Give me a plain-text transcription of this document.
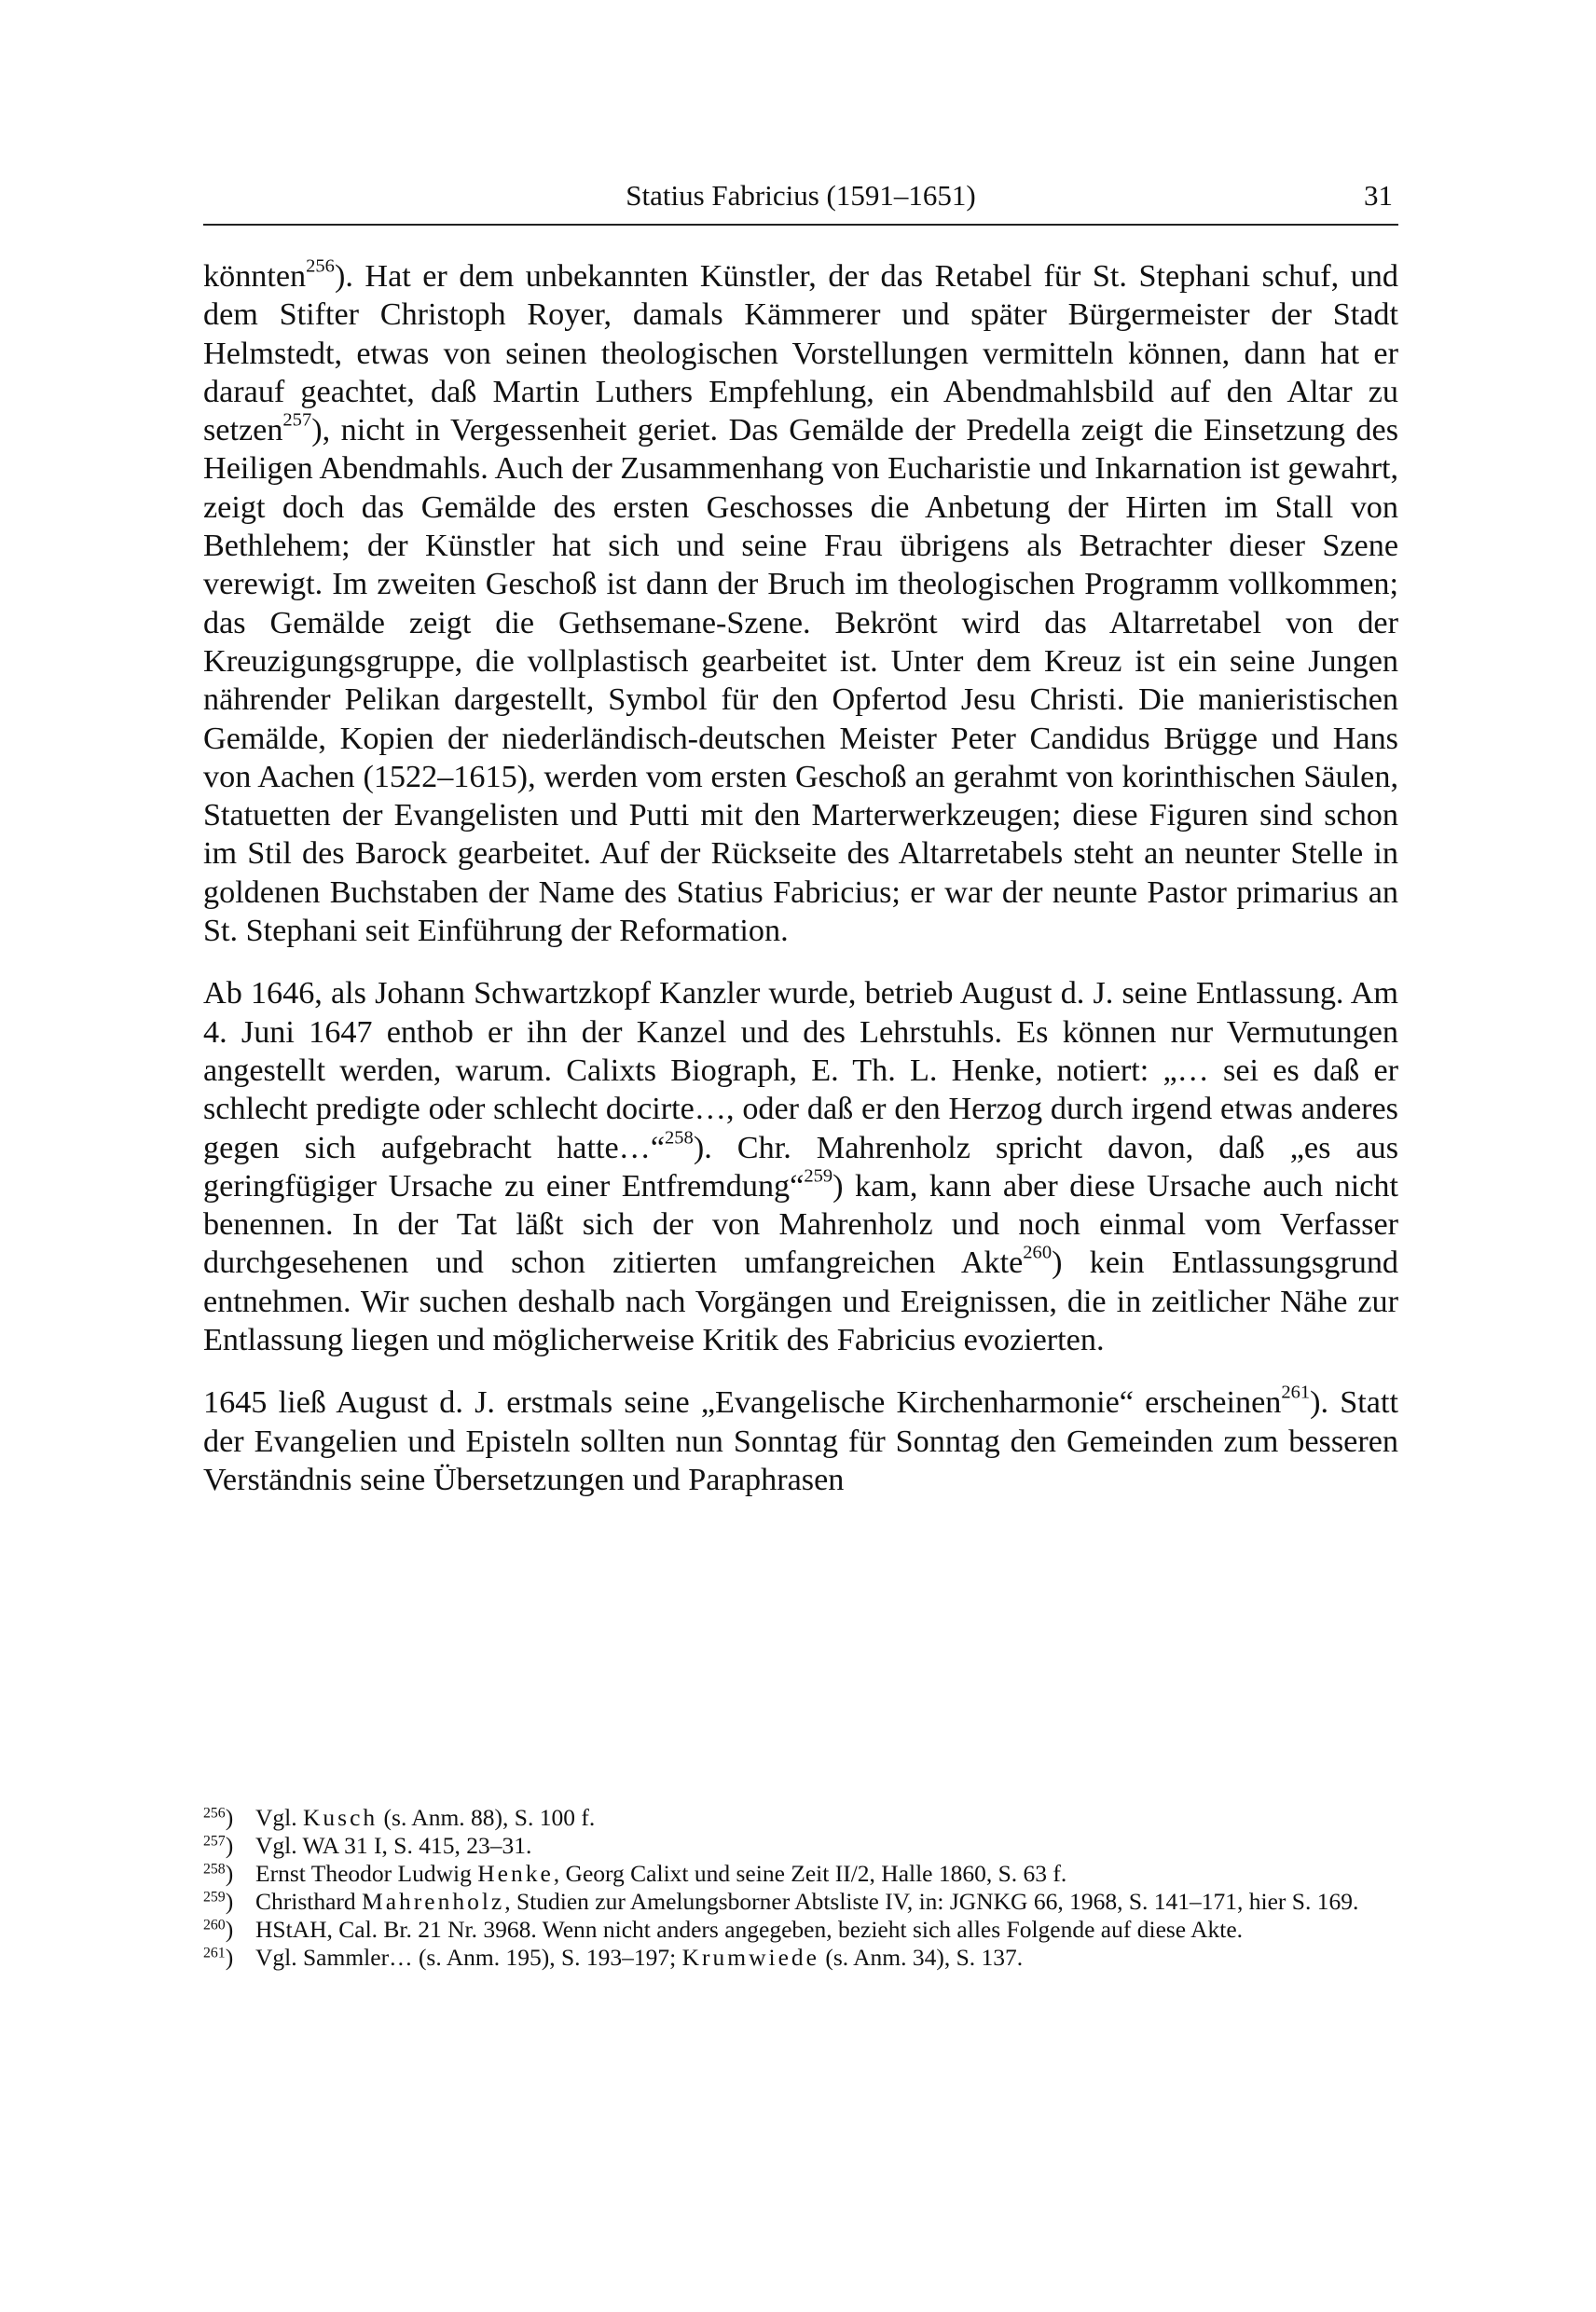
Statius Fabricius (1591–1651)	31

könnten$^{256}$). Hat er dem unbekannten Künstler, der das Retabel für St. Stephani schuf, und dem Stifter Christoph Royer, damals Kämmerer und später Bürgermeister der Stadt Helmstedt, etwas von seinen theologischen Vorstellungen vermitteln können, dann hat er darauf geachtet, daß Martin Luthers Empfehlung, ein Abendmahlsbild auf den Altar zu setzen$^{257}$), nicht in Vergessenheit geriet. Das Gemälde der Predella zeigt die Einsetzung des Heiligen Abendmahls. Auch der Zusammenhang von Eucharistie und Inkarnation ist gewahrt, zeigt doch das Gemälde des ersten Geschosses die Anbetung der Hirten im Stall von Bethlehem; der Künstler hat sich und seine Frau übrigens als Betrachter dieser Szene verewigt. Im zweiten Geschoß ist dann der Bruch im theologischen Programm vollkommen; das Gemälde zeigt die Gethsemane-Szene. Bekrönt wird das Altarretabel von der Kreuzigungsgruppe, die vollplastisch gearbeitet ist. Unter dem Kreuz ist ein seine Jungen nährender Pelikan dargestellt, Symbol für den Opfertod Jesu Christi. Die manieristischen Gemälde, Kopien der niederländisch-deutschen Meister Peter Candidus Brügge und Hans von Aachen (1522–1615), werden vom ersten Geschoß an gerahmt von korinthischen Säulen, Statuetten der Evangelisten und Putti mit den Marterwerkzeugen; diese Figuren sind schon im Stil des Barock gearbeitet. Auf der Rückseite des Altarretabels steht an neunter Stelle in goldenen Buchstaben der Name des Statius Fabricius; er war der neunte Pastor primarius an St. Stephani seit Einführung der Reformation.

Ab 1646, als Johann Schwartzkopf Kanzler wurde, betrieb August d. J. seine Entlassung. Am 4. Juni 1647 enthob er ihn der Kanzel und des Lehrstuhls. Es können nur Vermutungen angestellt werden, warum. Calixts Biograph, E. Th. L. Henke, notiert: „… sei es daß er schlecht predigte oder schlecht docirte…, oder daß er den Herzog durch irgend etwas anderes gegen sich aufgebracht hatte…“$^{258}$). Chr. Mahrenholz spricht davon, daß „es aus geringfügiger Ursache zu einer Entfremdung“$^{259}$) kam, kann aber diese Ursache auch nicht benennen. In der Tat läßt sich der von Mahrenholz und noch einmal vom Verfasser durchgesehenen und schon zitierten umfangreichen Akte$^{260}$) kein Entlassungsgrund entnehmen. Wir suchen deshalb nach Vorgängen und Ereignissen, die in zeitlicher Nähe zur Entlassung liegen und möglicherweise Kritik des Fabricius evozierten.

1645 ließ August d. J. erstmals seine „Evangelische Kirchenharmonie“ erscheinen$^{261}$). Statt der Evangelien und Episteln sollten nun Sonntag für Sonntag den Gemeinden zum besseren Verständnis seine Übersetzungen und Paraphrasen

$^{256}$) Vgl. Kusch (s. Anm. 88), S. 100 f.

$^{257}$) Vgl. WA 31 I, S. 415, 23–31.

$^{258}$) Ernst Theodor Ludwig Henke, Georg Calixt und seine Zeit II/2, Halle 1860, S. 63 f.

$^{259}$) Christhard Mahrenholz, Studien zur Amelungsborner Abtsliste IV, in: JGNKG 66, 1968, S. 141–171, hier S. 169.

$^{260}$) HStAH, Cal. Br. 21 Nr. 3968. Wenn nicht anders angegeben, bezieht sich alles Folgende auf diese Akte.

$^{261}$) Vgl. Sammler… (s. Anm. 195), S. 193–197; Krumwiede (s. Anm. 34), S. 137.
